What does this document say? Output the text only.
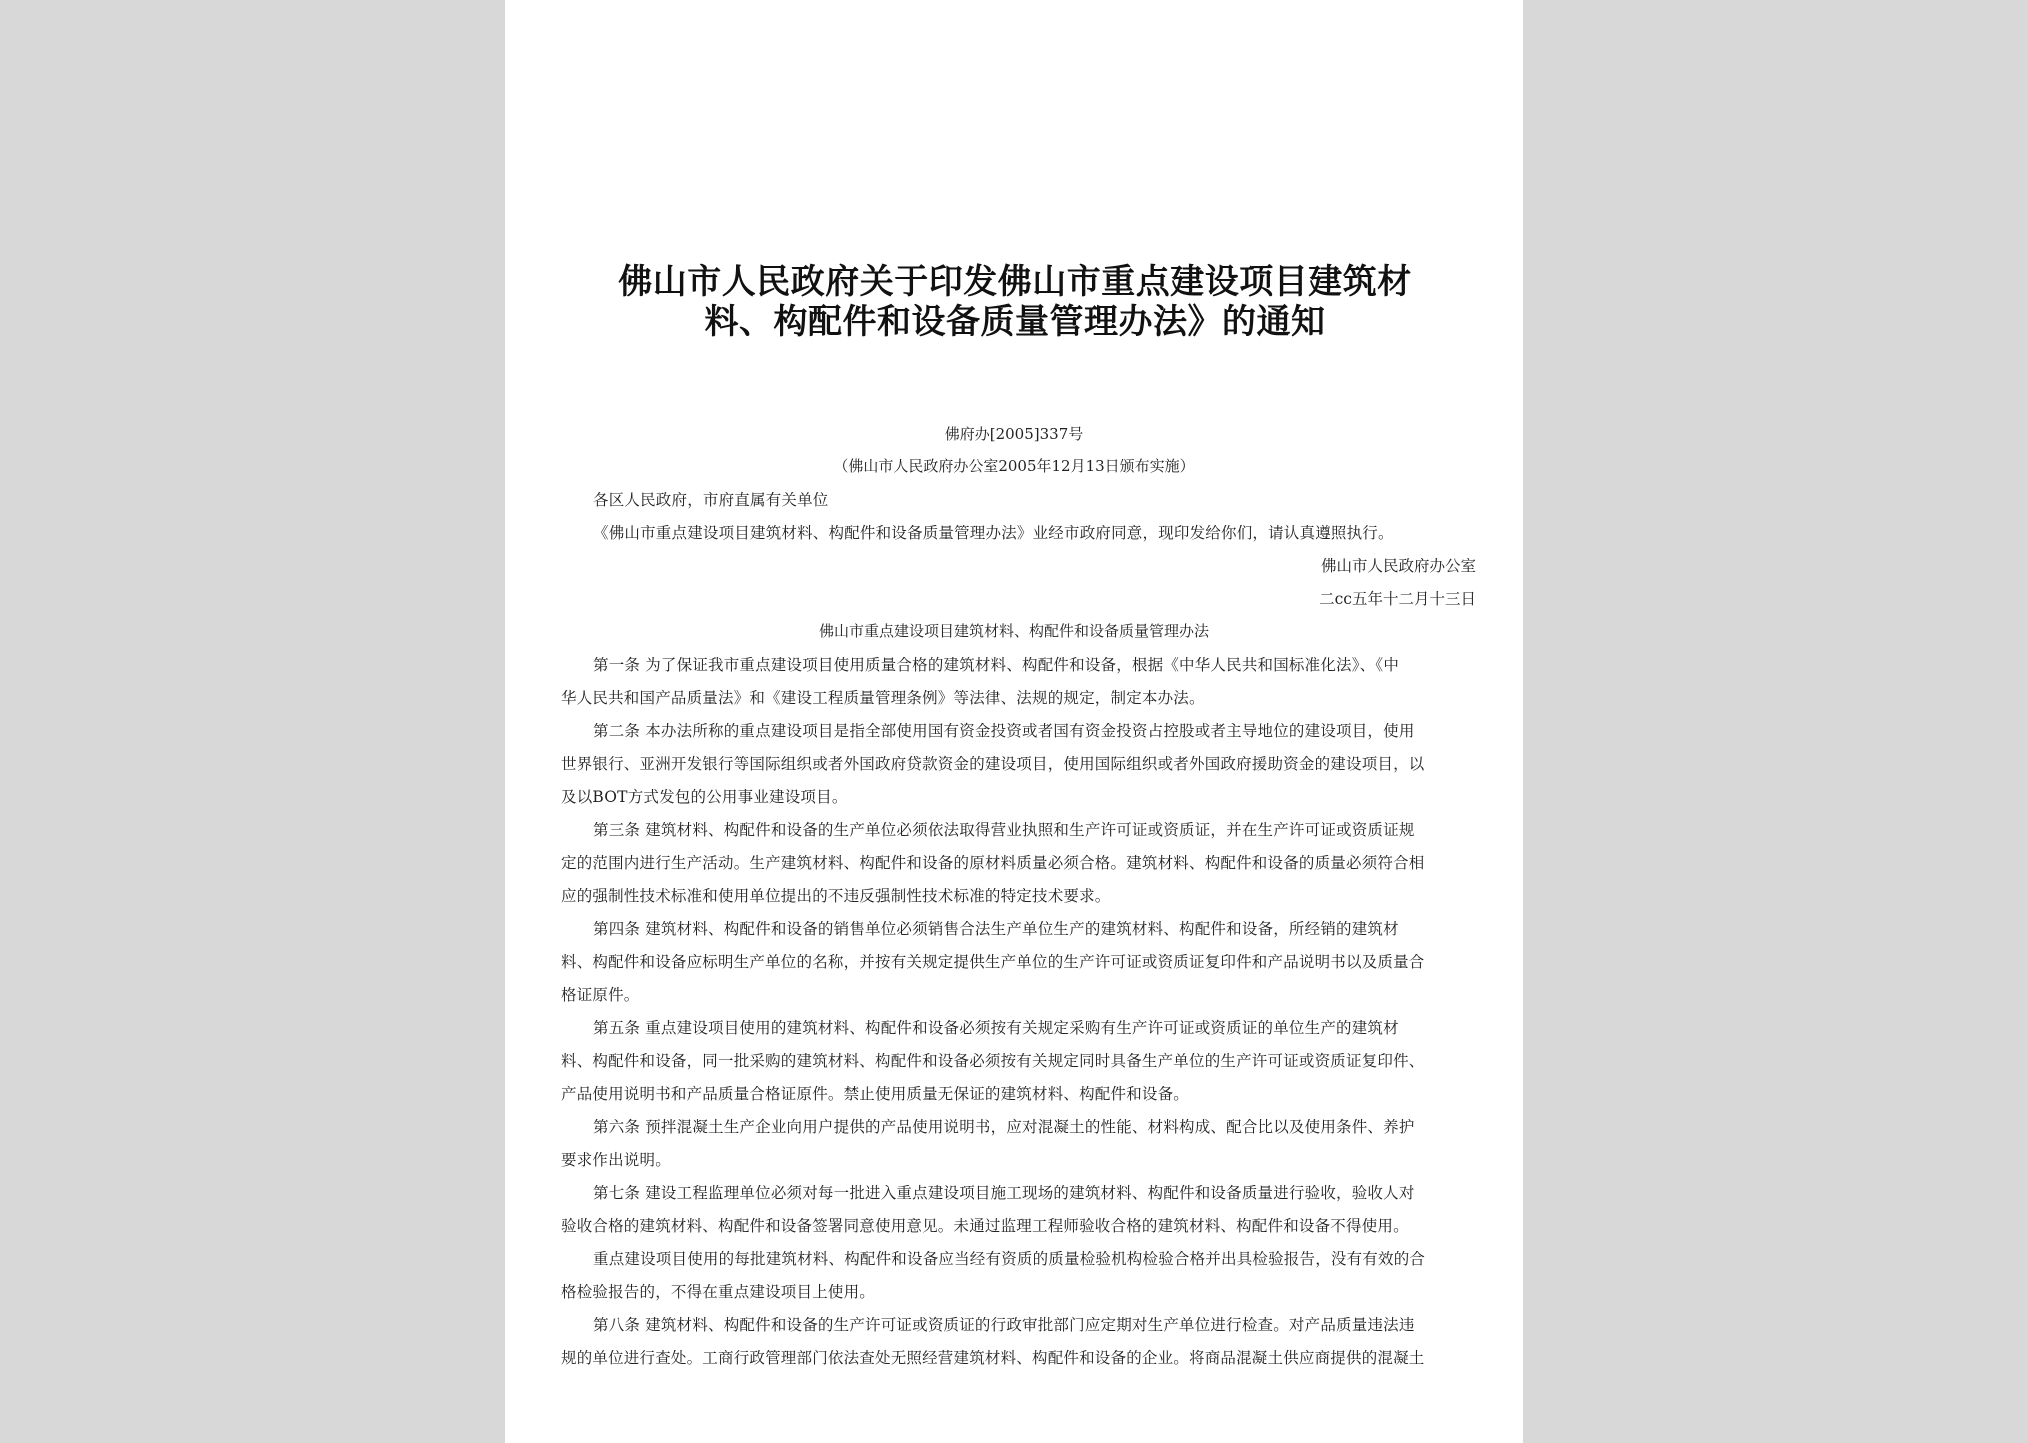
佛山市人民政府关于印发佛山市重点建设项目建筑材
料、构配件和设备质量管理办法》的通知
佛府办[2005]337号
（佛山市人民政府办公室2005年12月13日颁布实施）
各区人民政府，市府直属有关单位
《佛山市重点建设项目建筑材料、构配件和设备质量管理办法》业经市政府同意，现印发给你们，请认真遵照执行。
佛山市人民政府办公室
二cc五年十二月十三日
佛山市重点建设项目建筑材料、构配件和设备质量管理办法
第一条 为了保证我市重点建设项目使用质量合格的建筑材料、构配件和设备，根据《中华人民共和国标准化法》、《中
华人民共和国产品质量法》和《建设工程质量管理条例》等法律、法规的规定，制定本办法。
第二条 本办法所称的重点建设项目是指全部使用国有资金投资或者国有资金投资占控股或者主导地位的建设项目，使用
世界银行、亚洲开发银行等国际组织或者外国政府贷款资金的建设项目，使用国际组织或者外国政府援助资金的建设项目，以
及以BOT方式发包的公用事业建设项目。
第三条 建筑材料、构配件和设备的生产单位必须依法取得营业执照和生产许可证或资质证，并在生产许可证或资质证规
定的范围内进行生产活动。生产建筑材料、构配件和设备的原材料质量必须合格。建筑材料、构配件和设备的质量必须符合相
应的强制性技术标准和使用单位提出的不违反强制性技术标准的特定技术要求。
第四条 建筑材料、构配件和设备的销售单位必须销售合法生产单位生产的建筑材料、构配件和设备，所经销的建筑材
料、构配件和设备应标明生产单位的名称，并按有关规定提供生产单位的生产许可证或资质证复印件和产品说明书以及质量合
格证原件。
第五条 重点建设项目使用的建筑材料、构配件和设备必须按有关规定采购有生产许可证或资质证的单位生产的建筑材
料、构配件和设备，同一批采购的建筑材料、构配件和设备必须按有关规定同时具备生产单位的生产许可证或资质证复印件、
产品使用说明书和产品质量合格证原件。禁止使用质量无保证的建筑材料、构配件和设备。
第六条 预拌混凝土生产企业向用户提供的产品使用说明书，应对混凝土的性能、材料构成、配合比以及使用条件、养护
要求作出说明。
第七条 建设工程监理单位必须对每一批进入重点建设项目施工现场的建筑材料、构配件和设备质量进行验收，验收人对
验收合格的建筑材料、构配件和设备签署同意使用意见。未通过监理工程师验收合格的建筑材料、构配件和设备不得使用。
重点建设项目使用的每批建筑材料、构配件和设备应当经有资质的质量检验机构检验合格并出具检验报告，没有有效的合
格检验报告的，不得在重点建设项目上使用。
第八条 建筑材料、构配件和设备的生产许可证或资质证的行政审批部门应定期对生产单位进行检查。对产品质量违法违
规的单位进行查处。工商行政管理部门依法查处无照经营建筑材料、构配件和设备的企业。将商品混凝土供应商提供的混凝土
